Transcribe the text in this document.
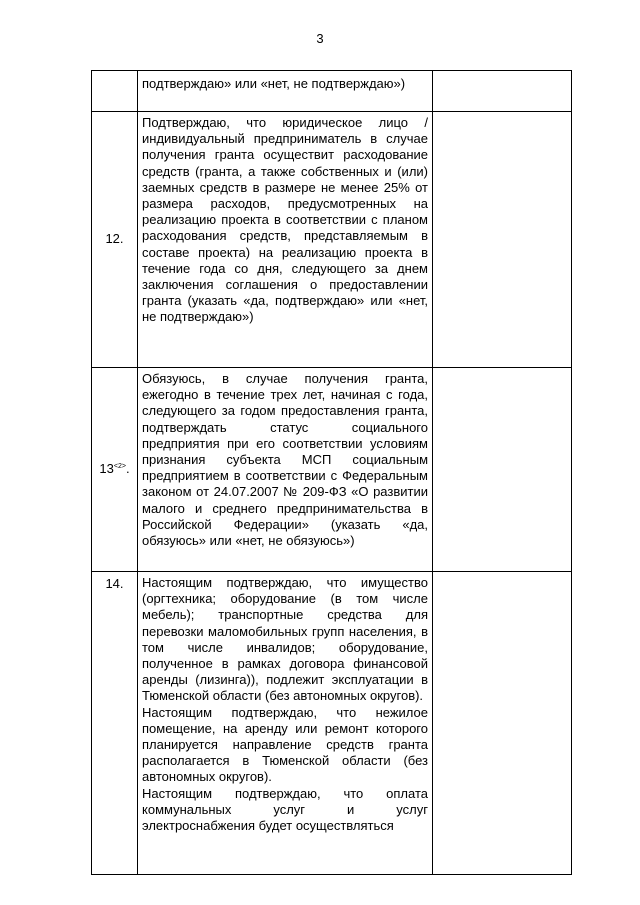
3

	подтверждаю» или «нет, не подтверждаю»)	

12.	Подтверждаю, что юридическое лицо / индивидуальный предприниматель в случае получения гранта осуществит расходование средств (гранта, а также собственных и (или) заемных средств в размере не менее 25% от размера расходов, предусмотренных на реализацию проекта в соответствии с планом расходования средств, представляемым в составе проекта) на реализацию проекта в течение года со дня, следующего за днем заключения соглашения о предоставлении гранта (указать «да, подтверждаю» или «нет, не подтверждаю»)	

$13^{<2>}$.	Обязуюсь, в случае получения гранта, ежегодно в течение трех лет, начиная с года, следующего за годом предоставления гранта, подтверждать статус социального предприятия при его соответствии условиям признания субъекта МСП социальным предприятием в соответствии с Федеральным законом от 24.07.2007 № 209-ФЗ «О развитии малого и среднего предпринимательства в Российской Федерации» (указать «да, обязуюсь» или «нет, не обязуюсь»)	

14.	Настоящим подтверждаю, что имущество (оргтехника; оборудование (в том числе мебель); транспортные средства для перевозки маломобильных групп населения, в том числе инвалидов; оборудование, полученное в рамках договора финансовой аренды (лизинга)), подлежит эксплуатации в Тюменской области (без автономных округов).

Настоящим подтверждаю, что нежилое помещение, на аренду или ремонт которого планируется направление средств гранта располагается в Тюменской области (без автономных округов).

Настоящим подтверждаю, что оплата коммунальных услуг и услуг электроснабжения будет осуществляться	
